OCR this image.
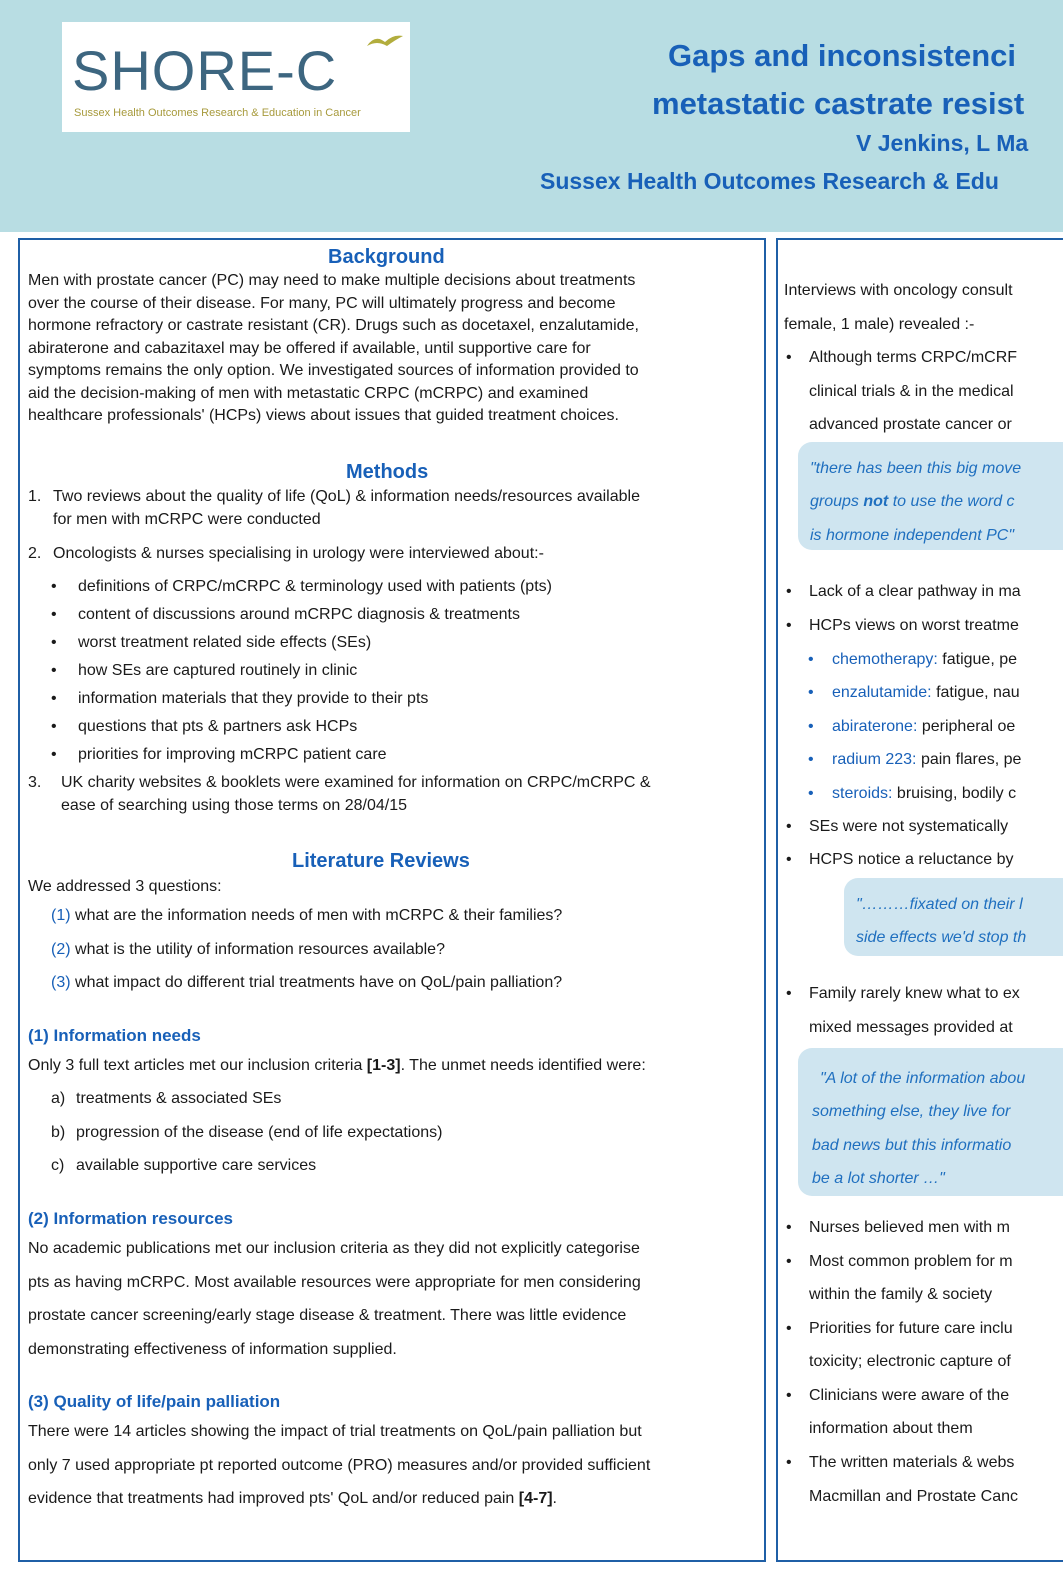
SHORE-C
Sussex Health Outcomes Research & Education in Cancer
Gaps and inconsistenci
metastatic castrate resist
V Jenkins, L Ma
Sussex Health Outcomes Research & Edu
Background
Men with prostate cancer (PC) may need to make multiple decisions about treatments
over the course of their disease. For many, PC will ultimately progress and become
hormone refractory or castrate resistant (CR). Drugs such as docetaxel, enzalutamide,
abiraterone and cabazitaxel may be offered if available, until supportive care for
symptoms remains the only option. We investigated sources of information provided to
aid the decision-making of men with metastatic CRPC (mCRPC) and examined
healthcare professionals' (HCPs) views about issues that guided treatment choices.
Methods
1. Two reviews about the quality of life (QoL) & information needs/resources available
for men with mCRPC were conducted
2. Oncologists & nurses specialising in urology were interviewed about:-
• definitions of CRPC/mCRPC & terminology used with patients (pts)
• content of discussions around mCRPC diagnosis & treatments
• worst treatment related side effects (SEs)
• how SEs are captured routinely in clinic
• information materials that they provide to their pts
• questions that pts & partners ask HCPs
• priorities for improving mCRPC patient care
3. UK charity websites & booklets were examined for information on CRPC/mCRPC &
ease of searching using those terms on 28/04/15
Literature Reviews
We addressed 3 questions:
(1) what are the information needs of men with mCRPC & their families?
(2) what is the utility of information resources available?
(3) what impact do different trial treatments have on QoL/pain palliation?
(1) Information needs
Only 3 full text articles met our inclusion criteria [1-3]. The unmet needs identified were:
a) treatments & associated SEs
b) progression of the disease (end of life expectations)
c) available supportive care services
(2) Information resources
No academic publications met our inclusion criteria as they did not explicitly categorise
pts as having mCRPC. Most available resources were appropriate for men considering
prostate cancer screening/early stage disease & treatment. There was little evidence
demonstrating effectiveness of information supplied.
(3) Quality of life/pain palliation
There were 14 articles showing the impact of trial treatments on QoL/pain palliation but
only 7 used appropriate pt reported outcome (PRO) measures and/or provided sufficient
evidence that treatments had improved pts' QoL and/or reduced pain [4-7].
Interviews with oncology consult
female, 1 male) revealed :-
• Although terms CRPC/mCRF
clinical trials & in the medical
advanced prostate cancer or
"there has been this big move
groups not to use the word c
is hormone independent PC"
• Lack of a clear pathway in ma
• HCPs views on worst treatme
• chemotherapy: fatigue, pe
• enzalutamide: fatigue, nau
• abiraterone: peripheral oe
• radium 223: pain flares, pe
• steroids: bruising, bodily c
• SEs were not systematically
• HCPS notice a reluctance by
"………fixated on their l
side effects we'd stop th
• Family rarely knew what to ex
mixed messages provided at
"A lot of the information abou
something else, they live for
bad news but this informatio
be a lot shorter …"
• Nurses believed men with m
• Most common problem for m
within the family & society
• Priorities for future care inclu
toxicity; electronic capture of
• Clinicians were aware of the
information about them
• The written materials & webs
Macmillan and Prostate Canc
